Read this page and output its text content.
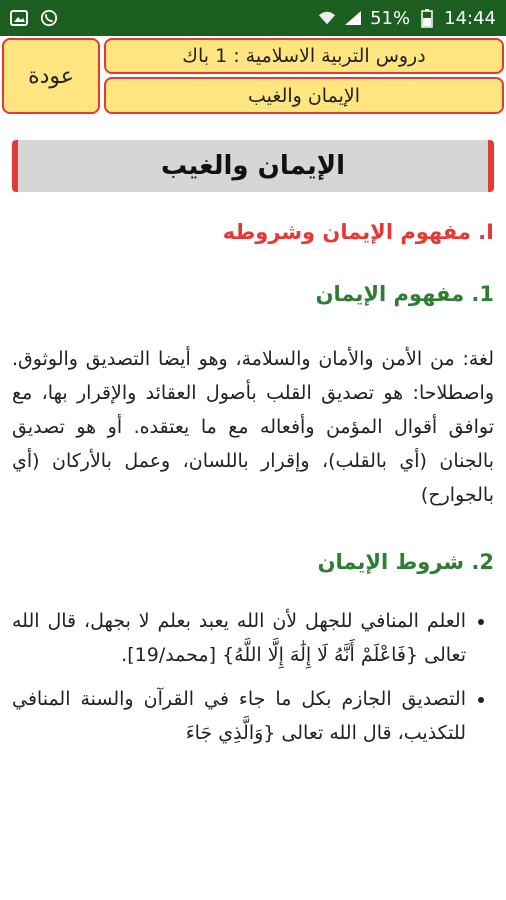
51% 14:44
عودة
دروس التربية الاسلامية : 1 باك
الإيمان والغيب
الإيمان والغيب
I. مفهوم الإيمان وشروطه
1. مفهوم الإيمان
لغة: من الأمن والأمان والسلامة، وهو أيضا التصديق والوثوق. واصطلاحا: هو تصديق القلب بأصول العقائد والإقرار بها، مع توافق أقوال المؤمن وأفعاله مع ما يعتقده. أو هو تصديق بالجنان (أي بالقلب)، وإقرار باللسان، وعمل بالأركان (أي بالجوارح)
2. شروط الإيمان
• العلم المنافي للجهل لأن الله يعبد بعلم لا بجهل، قال الله تعالى {فَاعْلَمْ أَنَّهُ لَا إِلَٰهَ إِلَّا اللَّهُ} [محمد/19].
• التصديق الجازم بكل ما جاء في القرآن والسنة المنافي للتكذيب، قال الله تعالى {وَالَّذِي جَاءَ
